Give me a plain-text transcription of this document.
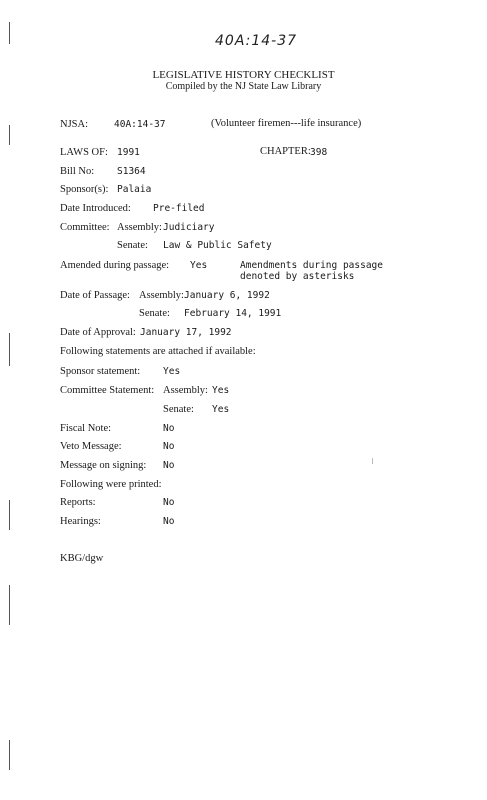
40A:14-37
LEGISLATIVE HISTORY CHECKLIST
Compiled by the NJ State Law Library
NJSA:	40A:14-37	(Volunteer firemen---life insurance)
LAWS OF: 1991	CHAPTER: 398
Bill No: S1364
Sponsor(s): Palaia
Date Introduced: Pre-filed
Committee: Assembly: Judiciary
Senate: Law & Public Safety
Amended during passage: Yes	Amendments during passage denoted by asterisks
Date of Passage: Assembly: January 6, 1992
Senate: February 14, 1991
Date of Approval: January 17, 1992
Following statements are attached if available:
Sponsor statement: Yes
Committee Statement: Assembly: Yes
Senate: Yes
Fiscal Note:	No
Veto Message:	No
Message on signing: No
Following were printed:
Reports:	No
Hearings:	No
KBG/dgw
